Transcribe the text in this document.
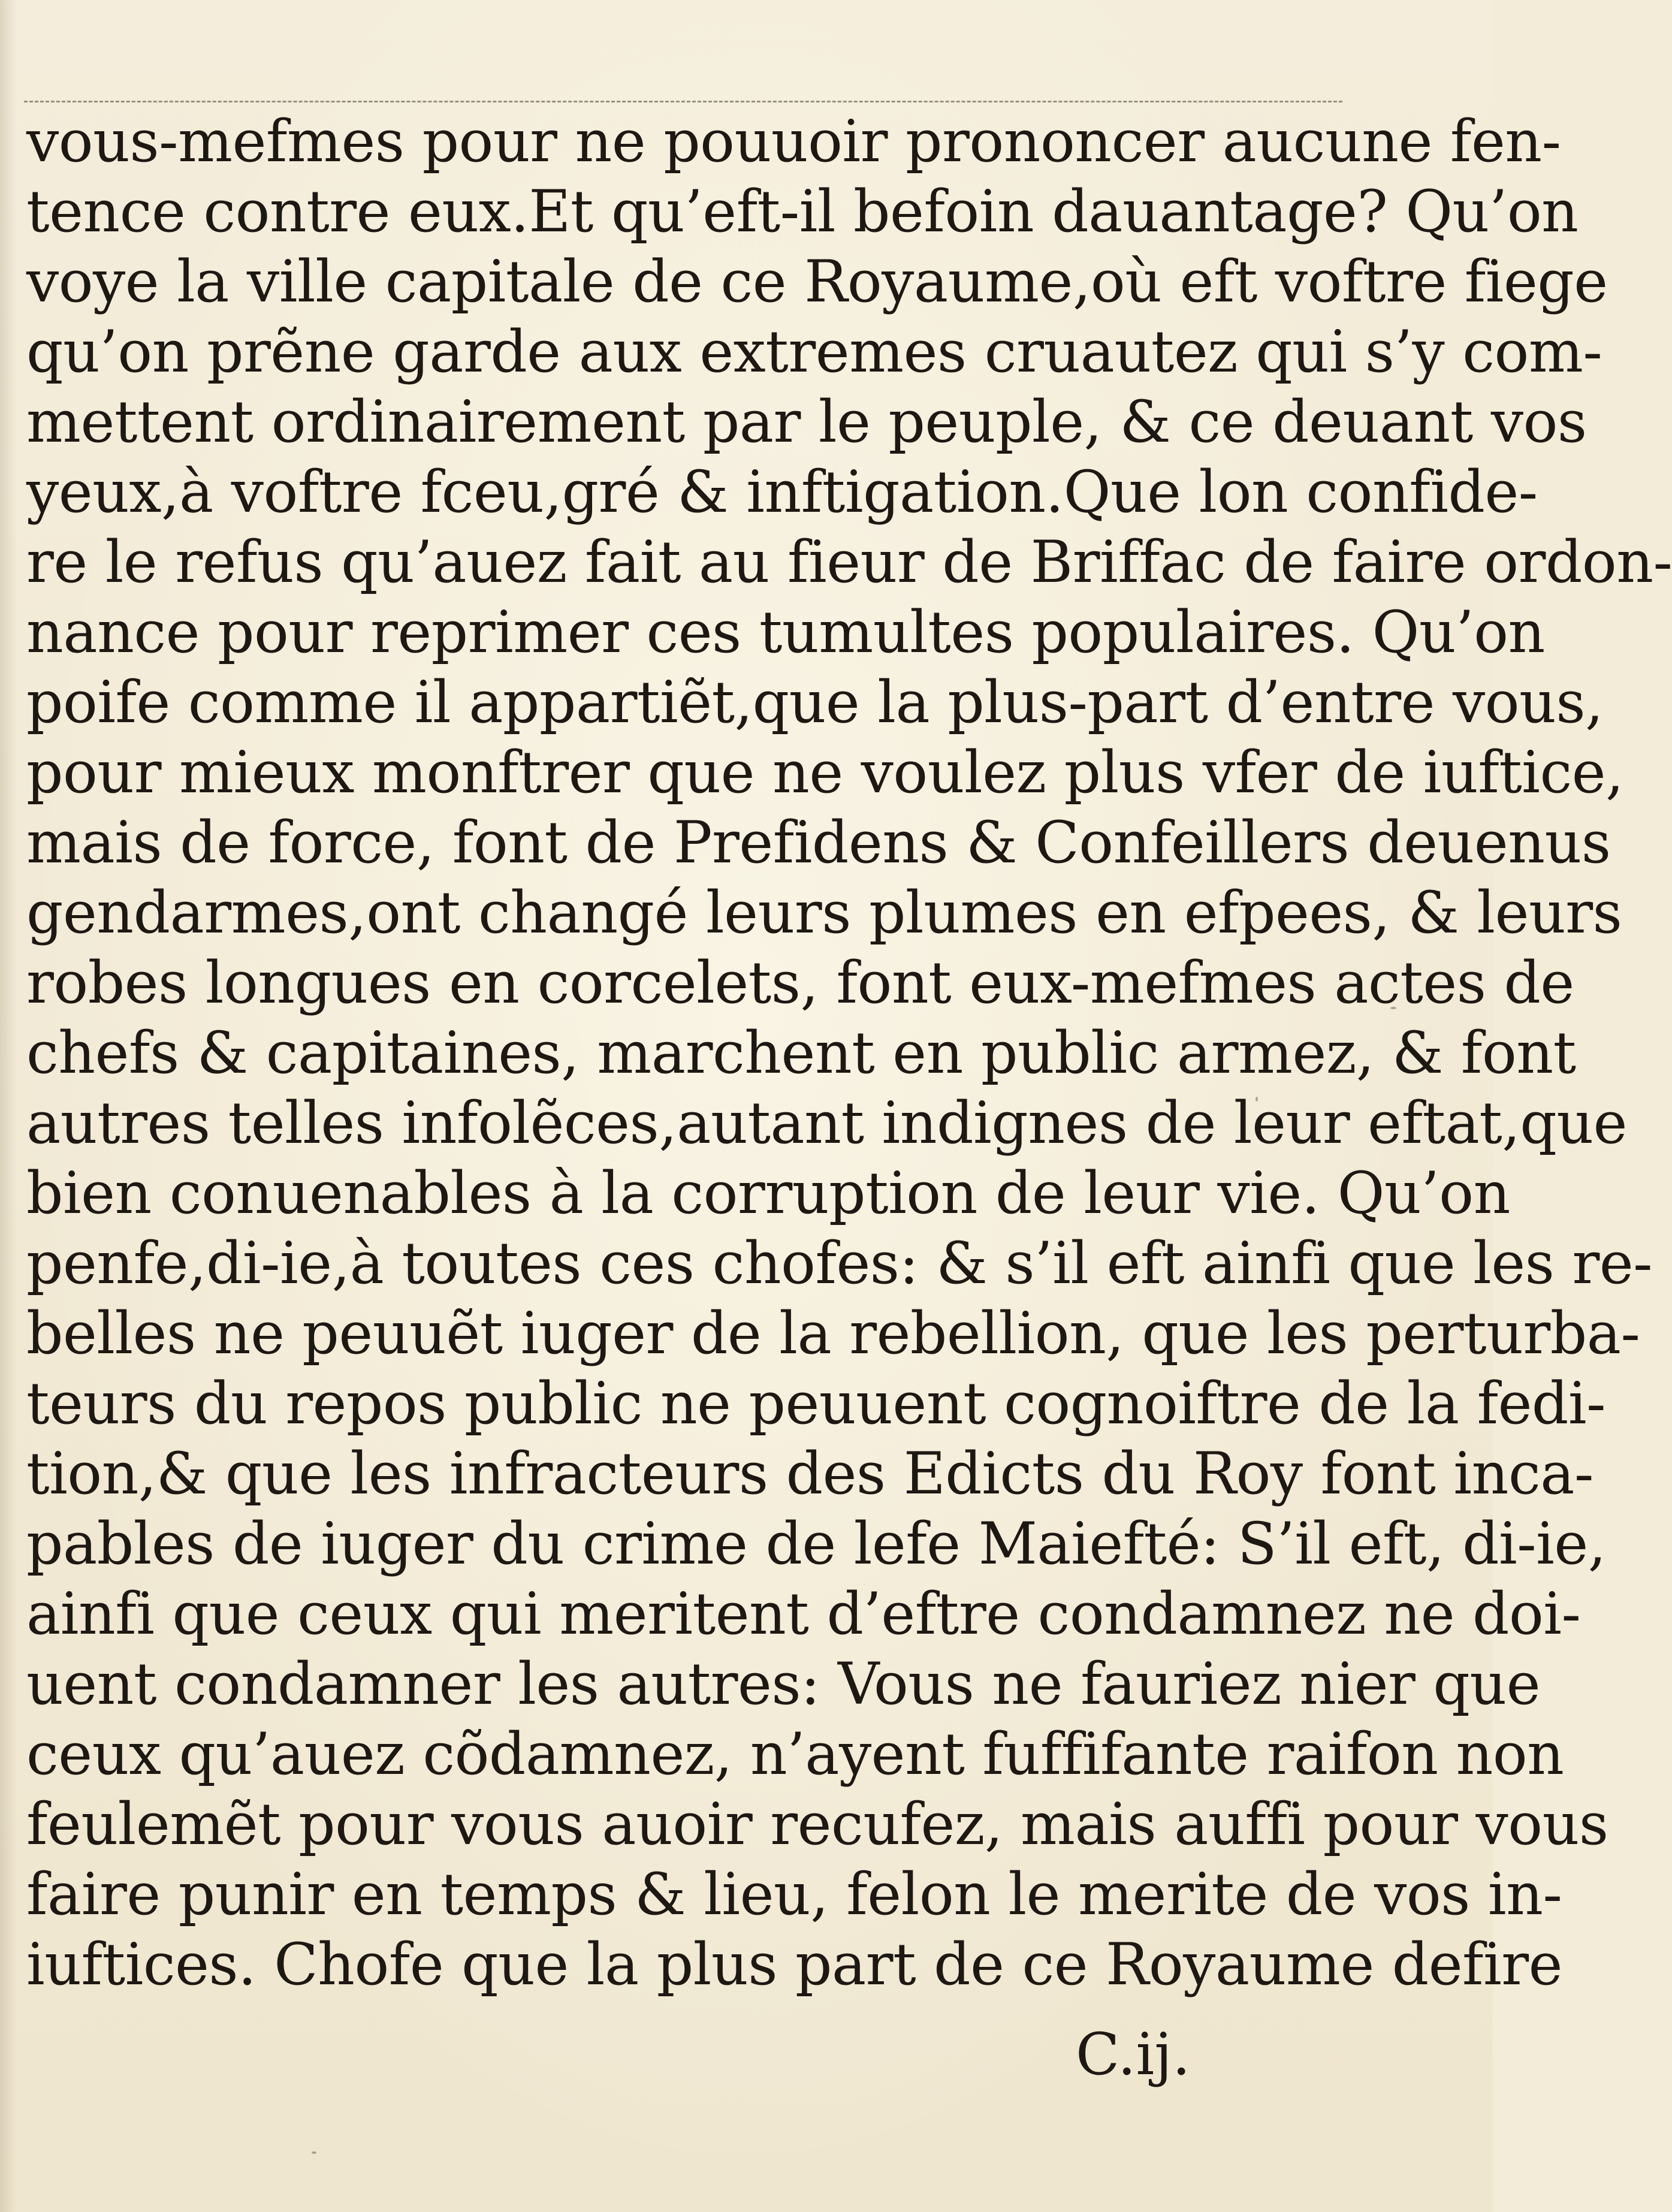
vous-mefmes pour ne pouuoir prononcer aucune fen-
tence contre eux.Et qu’eft-il befoin dauantage? Qu’on
voye la ville capitale de ce Royaume,où eft voftre fiege
qu’on prẽne garde aux extremes cruautez qui s’y com-
mettent ordinairement par le peuple, & ce deuant vos
yeux,à voftre fceu,gré & inftigation.Que lon confide-
re le refus qu’auez fait au fieur de Briffac de faire ordon-
nance pour reprimer ces tumultes populaires. Qu’on
poife comme il appartiẽt,que la plus-part d’entre vous,
pour mieux monftrer que ne voulez plus vfer de iuftice,
mais de force, font de Prefidens & Confeillers deuenus
gendarmes,ont changé leurs plumes en efpees, & leurs
robes longues en corcelets, font eux-mefmes actes de
chefs & capitaines, marchent en public armez, & font
autres telles infolẽces,autant indignes de leur eftat,que
bien conuenables à la corruption de leur vie. Qu’on
penfe,di-ie,à toutes ces chofes: & s’il eft ainfi que les re-
belles ne peuuẽt iuger de la rebellion, que les perturba-
teurs du repos public ne peuuent cognoiftre de la fedi-
tion,& que les infracteurs des Edicts du Roy font inca-
pables de iuger du crime de lefe Maiefté: S’il eft, di-ie,
ainfi que ceux qui meritent d’eftre condamnez ne doi-
uent condamner les autres: Vous ne fauriez nier que
ceux qu’auez cõdamnez, n’ayent fuffifante raifon non
feulemẽt pour vous auoir recufez, mais auffi pour vous
faire punir en temps & lieu, felon le merite de vos in-
iuftices. Chofe que la plus part de ce Royaume defire
C.ij.
